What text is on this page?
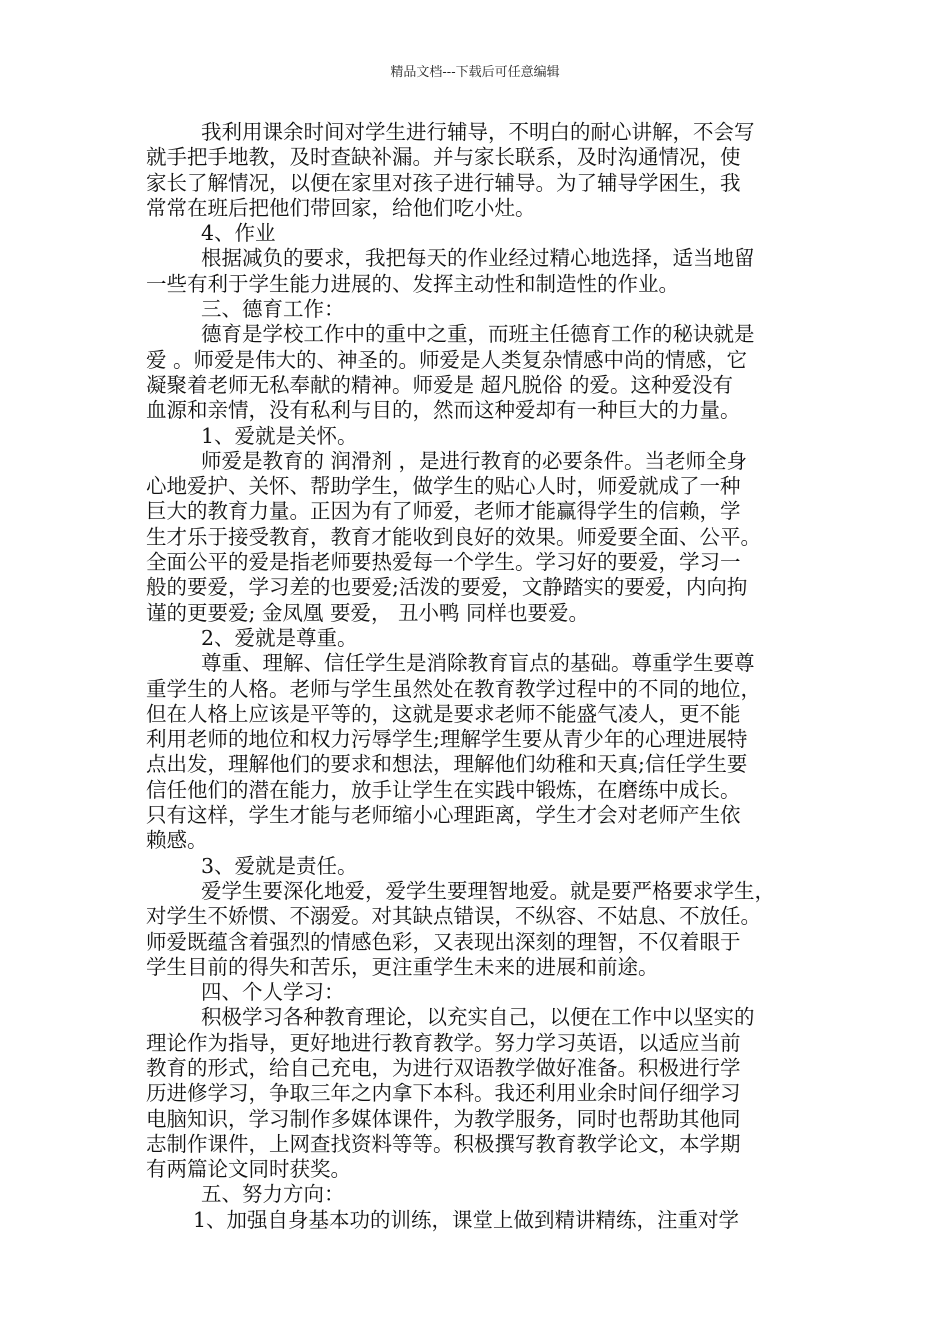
精品文档---下载后可任意编辑
我利用课余时间对学生进行辅导，不明白的耐心讲解，不会写
就手把手地教，及时查缺补漏。并与家长联系，及时沟通情况，使
家长了解情况，以便在家里对孩子进行辅导。为了辅导学困生，我
常常在班后把他们带回家，给他们吃小灶。
4、作业
根据减负的要求，我把每天的作业经过精心地选择，适当地留
一些有利于学生能力进展的、发挥主动性和制造性的作业。
三、德育工作：
德育是学校工作中的重中之重，而班主任德育工作的秘诀就是
爱 。师爱是伟大的、神圣的。师爱是人类复杂情感中尚的情感，它
凝聚着老师无私奉献的精神。师爱是 超凡脱俗 的爱。这种爱没有
血源和亲情，没有私利与目的，然而这种爱却有一种巨大的力量。
1、爱就是关怀。
师爱是教育的 润滑剂 ，是进行教育的必要条件。当老师全身
心地爱护、关怀、帮助学生，做学生的贴心人时，师爱就成了一种
巨大的教育力量。正因为有了师爱，老师才能赢得学生的信赖，学
生才乐于接受教育，教育才能收到良好的效果。师爱要全面、公平。
全面公平的爱是指老师要热爱每一个学生。学习好的要爱，学习一
般的要爱，学习差的也要爱;活泼的要爱，文静踏实的要爱，内向拘
谨的更要爱; 金凤凰 要爱， 丑小鸭 同样也要爱。
2、爱就是尊重。
尊重、理解、信任学生是消除教育盲点的基础。尊重学生要尊
重学生的人格。老师与学生虽然处在教育教学过程中的不同的地位，
但在人格上应该是平等的，这就是要求老师不能盛气凌人，更不能
利用老师的地位和权力污辱学生;理解学生要从青少年的心理进展特
点出发，理解他们的要求和想法，理解他们幼稚和天真;信任学生要
信任他们的潜在能力，放手让学生在实践中锻炼，在磨练中成长。
只有这样，学生才能与老师缩小心理距离，学生才会对老师产生依
赖感。
3、爱就是责任。
爱学生要深化地爱，爱学生要理智地爱。就是要严格要求学生，
对学生不娇惯、不溺爱。对其缺点错误，不纵容、不姑息、不放任。
师爱既蕴含着强烈的情感色彩，又表现出深刻的理智，不仅着眼于
学生目前的得失和苦乐，更注重学生未来的进展和前途。
四、个人学习：
积极学习各种教育理论，以充实自己，以便在工作中以坚实的
理论作为指导，更好地进行教育教学。努力学习英语，以适应当前
教育的形式，给自己充电，为进行双语教学做好准备。积极进行学
历进修学习，争取三年之内拿下本科。我还利用业余时间仔细学习
电脑知识，学习制作多媒体课件，为教学服务，同时也帮助其他同
志制作课件，上网查找资料等等。积极撰写教育教学论文，本学期
有两篇论文同时获奖。
五、努力方向：
1、加强自身基本功的训练，课堂上做到精讲精练，注重对学
